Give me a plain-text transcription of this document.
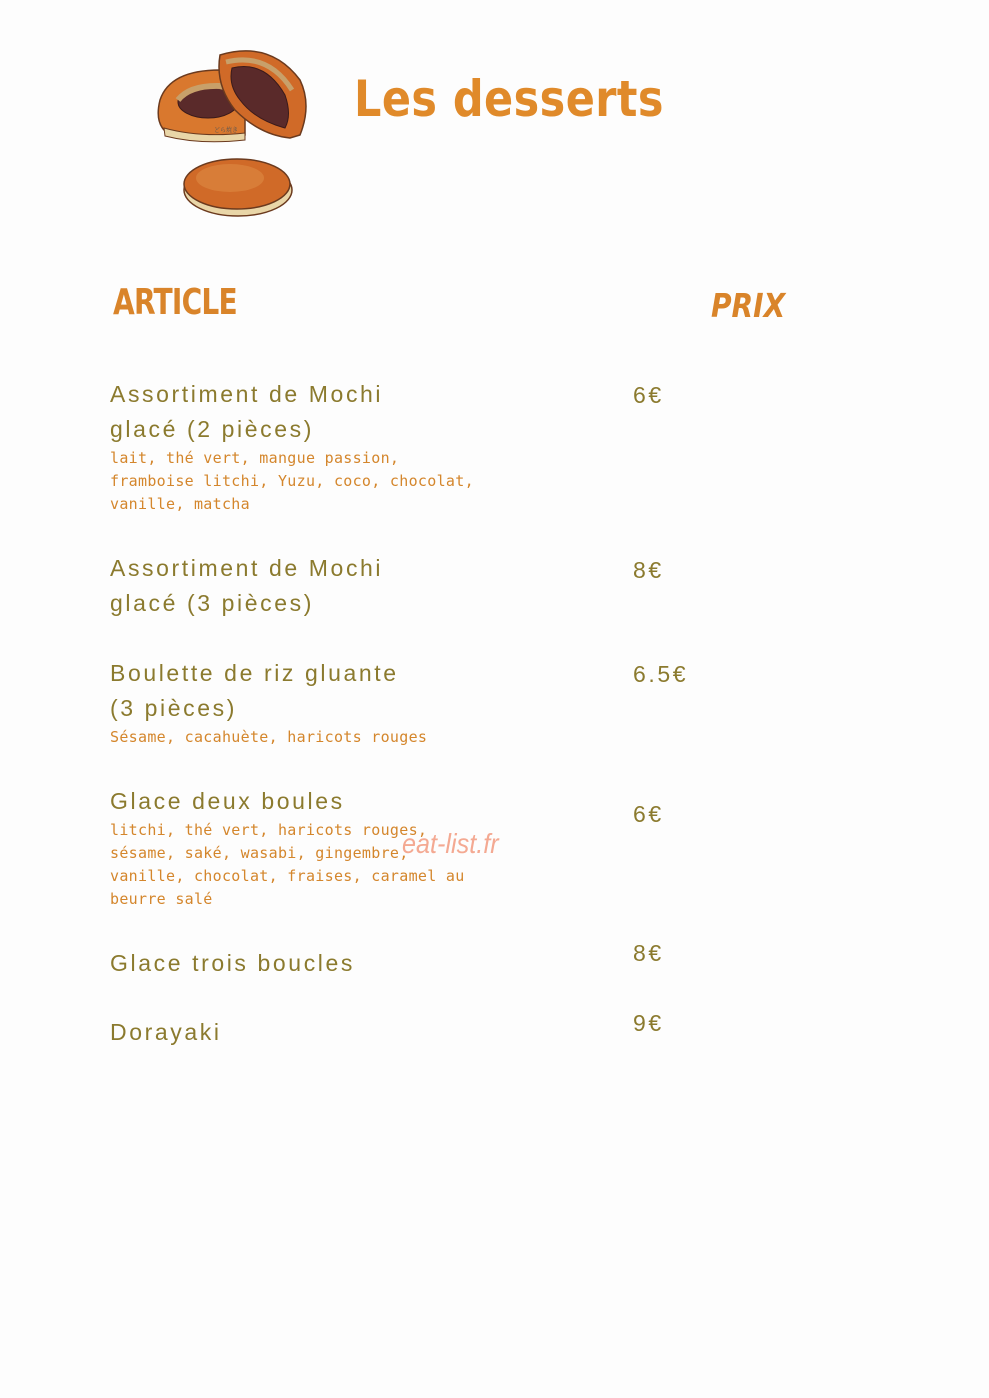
どら焼き
Les desserts
ARTICLE	PRIX
Assortiment de Mochi
glacé (2 pièces)
lait, thé vert, mangue passion,
framboise litchi, Yuzu, coco, chocolat,
vanille, matcha
6€
Assortiment de Mochi
glacé (3 pièces)
8€
Boulette de riz gluante
(3 pièces)
Sésame, cacahuète, haricots rouges
6.5€
Glace deux boules
litchi, thé vert, haricots rouges,
sésame, saké, wasabi, gingembre,
vanille, chocolat, fraises, caramel au
beurre salé
6€
Glace trois boucles	8€
Dorayaki	9€
eat-list.fr
